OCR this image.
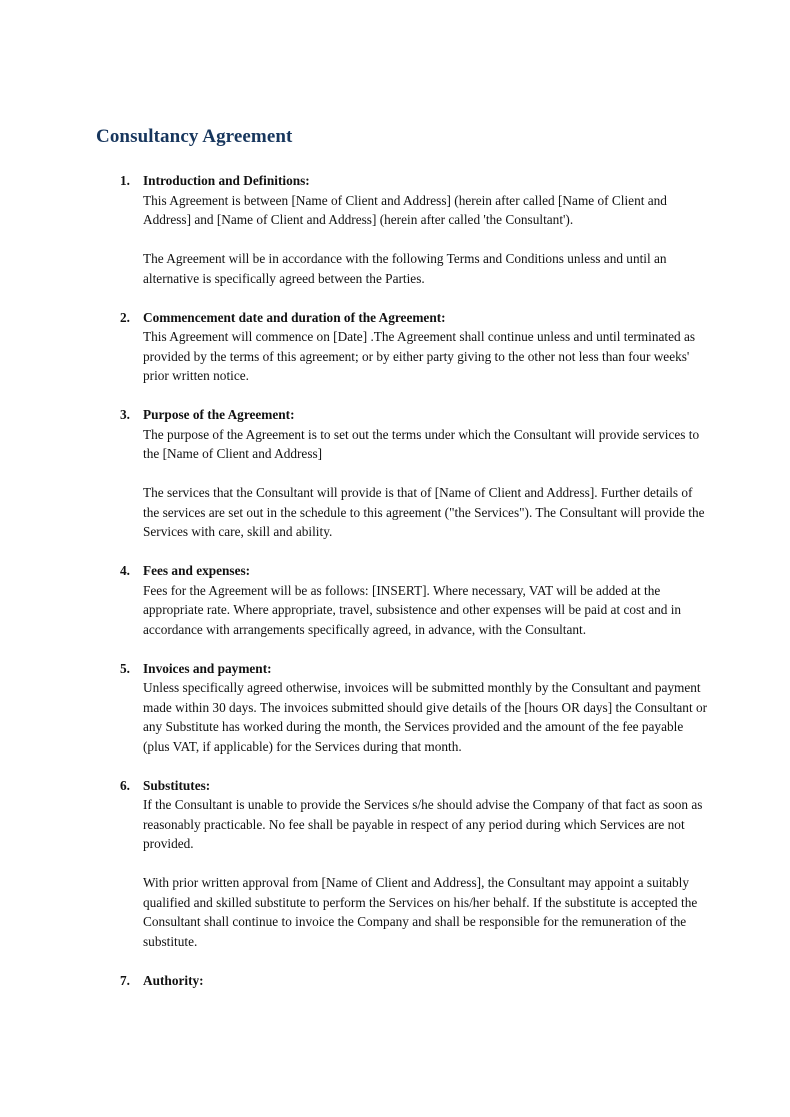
Consultancy Agreement
1. Introduction and Definitions:

This Agreement is between [Name of Client and Address] (herein after called [Name of Client and Address] and [Name of Client and Address] (herein after called 'the Consultant').

The Agreement will be in accordance with the following Terms and Conditions unless and until an alternative is specifically agreed between the Parties.

2. Commencement date and duration of the Agreement:

This Agreement will commence on [Date] .The Agreement shall continue unless and until terminated as provided by the terms of this agreement; or by either party giving to the other not less than four weeks' prior written notice.

3. Purpose of the Agreement:

The purpose of the Agreement is to set out the terms under which the Consultant will provide services to the [Name of Client and Address]

The services that the Consultant will provide is that of [Name of Client and Address]. Further details of the services are set out in the schedule to this agreement ("the Services"). The Consultant will provide the Services with care, skill and ability.

4. Fees and expenses:

Fees for the Agreement will be as follows: [INSERT]. Where necessary, VAT will be added at the appropriate rate. Where appropriate, travel, subsistence and other expenses will be paid at cost and in accordance with arrangements specifically agreed, in advance, with the Consultant.

5. Invoices and payment:

Unless specifically agreed otherwise, invoices will be submitted monthly by the Consultant and payment made within 30 days. The invoices submitted should give details of the [hours OR days] the Consultant or any Substitute has worked during the month, the Services provided and the amount of the fee payable (plus VAT, if applicable) for the Services during that month.

6. Substitutes:

If the Consultant is unable to provide the Services s/he should advise the Company of that fact as soon as reasonably practicable. No fee shall be payable in respect of any period during which Services are not provided.

With prior written approval from [Name of Client and Address], the Consultant may appoint a suitably qualified and skilled substitute to perform the Services on his/her behalf. If the substitute is accepted the Consultant shall continue to invoice the Company and shall be responsible for the remuneration of the substitute.

7. Authority:
